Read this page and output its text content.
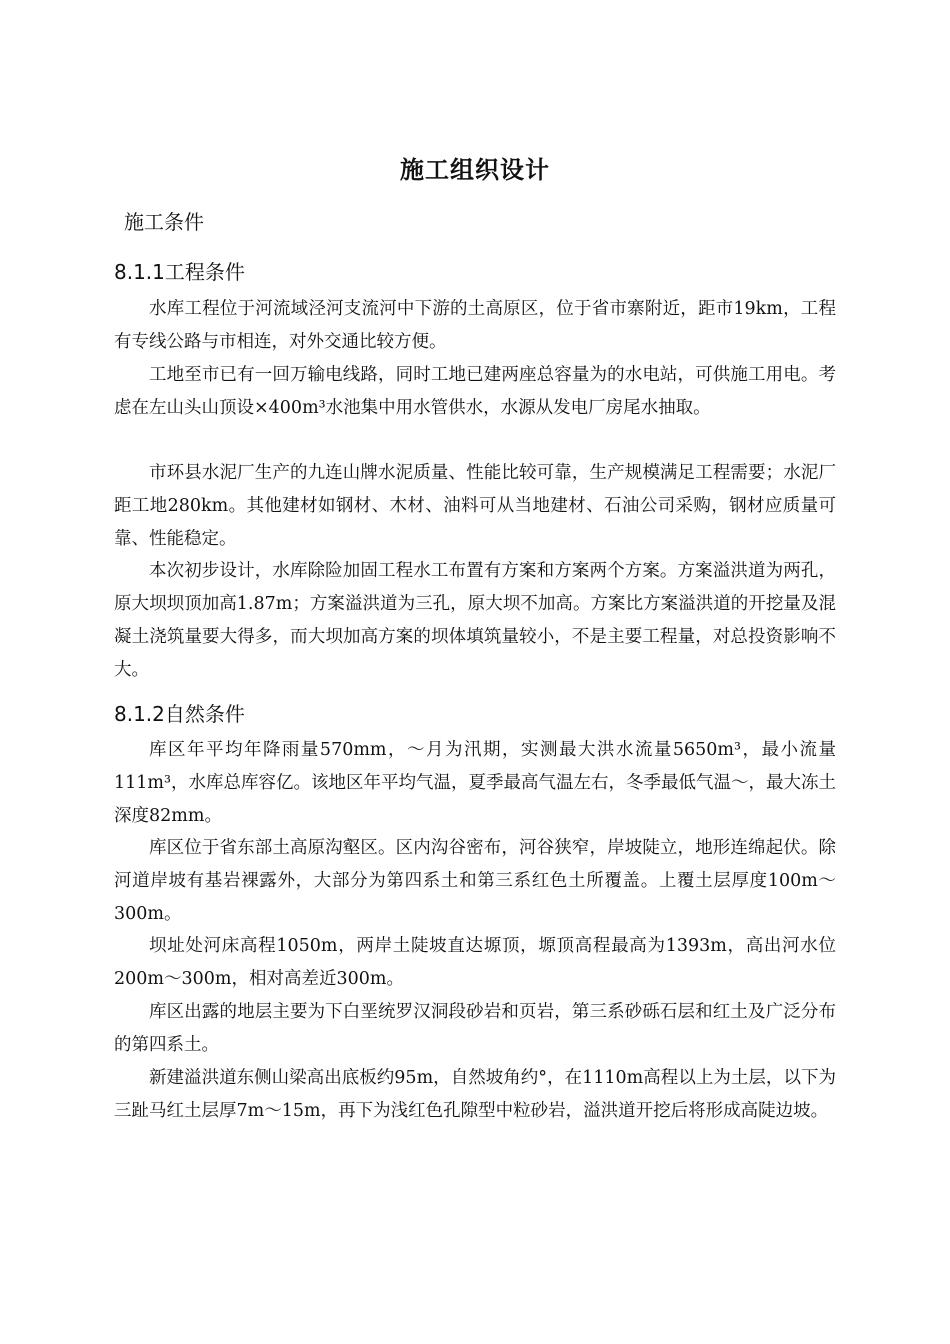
施工组织设计
施工条件
8.1.1工程条件

水库工程位于河流域泾河支流河中下游的土高原区，位于省市寨附近，距市19km，工程有专线公路与市相连，对外交通比较方便。

工地至市已有一回万输电线路，同时工地已建两座总容量为的水电站，可供施工用电。考虑在左山头山顶设×400m³水池集中用水管供水，水源从发电厂房尾水抽取。

市环县水泥厂生产的九连山牌水泥质量、性能比较可靠，生产规模满足工程需要；水泥厂距工地280km。其他建材如钢材、木材、油料可从当地建材、石油公司采购，钢材应质量可靠、性能稳定。

本次初步设计，水库除险加固工程水工布置有方案和方案两个方案。方案溢洪道为两孔，原大坝坝顶加高1.87m；方案溢洪道为三孔，原大坝不加高。方案比方案溢洪道的开挖量及混凝土浇筑量要大得多，而大坝加高方案的坝体填筑量较小，不是主要工程量，对总投资影响不大。

8.1.2自然条件

库区年平均年降雨量570mm，～月为汛期，实测最大洪水流量5650m³，最小流量111m³，水库总库容亿。该地区年平均气温，夏季最高气温左右，冬季最低气温～，最大冻土深度82mm。

库区位于省东部土高原沟壑区。区内沟谷密布，河谷狭窄，岸坡陡立，地形连绵起伏。除河道岸坡有基岩裸露外，大部分为第四系土和第三系红色土所覆盖。上覆土层厚度100m～300m。

坝址处河床高程1050m，两岸土陡坡直达塬顶，塬顶高程最高为1393m，高出河水位200m～300m，相对高差近300m。

库区出露的地层主要为下白垩统罗汉洞段砂岩和页岩，第三系砂砾石层和红土及广泛分布的第四系土。

新建溢洪道东侧山梁高出底板约95m，自然坡角约°，在1110m高程以上为土层，以下为三趾马红土层厚7m～15m，再下为浅红色孔隙型中粒砂岩，溢洪道开挖后将形成高陡边坡。
